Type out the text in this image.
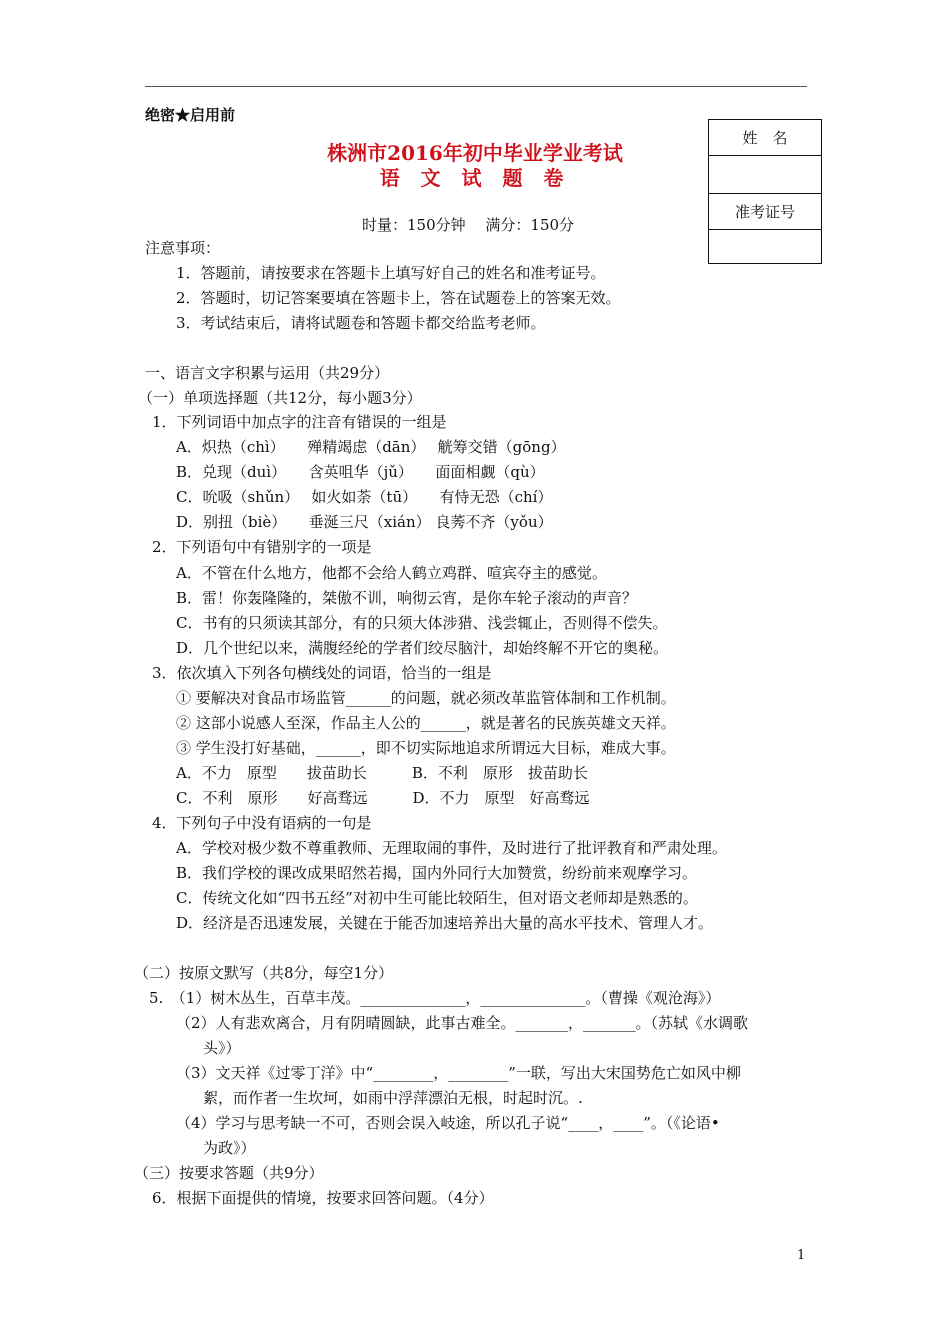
绝密★启用前
株洲市2016年初中毕业学业考试
语 文 试 题 卷
时量：150分钟　 满分：150分
姓　名

准考证号

注意事项：
1．答题前，请按要求在答题卡上填写好自己的姓名和准考证号。
2．答题时，切记答案要填在答题卡上，答在试题卷上的答案无效。
3．考试结束后，请将试题卷和答题卡都交给监考老师。
一、语言文字积累与运用（共29分）
（一）单项选择题（共12分，每小题3分）
1．下列词语中加点字的注音有错误的一组是
A．炽热（chì）　　殚精竭虑（dān）　 觥筹交错（gōng）
B．兑现（duì）　　含英咀华（jǔ）　　面面相觑（qù）
C．吮吸（shǔn）　 如火如荼（tū）　　有恃无恐（chí）
D．别扭（biè）　　垂涎三尺（xián） 良莠不齐（yǒu）
2．下列语句中有错别字的一项是
A．不管在什么地方，他都不会给人鹤立鸡群、喧宾夺主的感觉。
B．雷！你轰隆隆的，桀傲不训，响彻云宵，是你车轮子滚动的声音？
C．书有的只须读其部分，有的只须大体涉猎、浅尝辄止，否则得不偿失。
D．几个世纪以来，满腹经纶的学者们绞尽脑汁，却始终解不开它的奥秘。
3．依次填入下列各句横线处的词语，恰当的一组是
① 要解决对食品市场监管______的问题，就必须改革监管体制和工作机制。
② 这部小说感人至深，作品主人公的______，就是著名的民族英雄文天祥。
③ 学生没打好基础，______，即不切实际地追求所谓远大目标，难成大事。
A．不力　原型　　拔苗助长　　　B．不利　原形　拔苗助长
C．不利　原形　　好高骛远　　　D．不力　原型　好高骛远
4．下列句子中没有语病的一句是
A．学校对极少数不尊重教师、无理取闹的事件，及时进行了批评教育和严肃处理。
B．我们学校的课改成果昭然若揭，国内外同行大加赞赏，纷纷前来观摩学习。
C．传统文化如“四书五经”对初中生可能比较陌生，但对语文老师却是熟悉的。
D．经济是否迅速发展，关键在于能否加速培养出大量的高水平技术、管理人才。
（二）按原文默写（共8分，每空1分）
5.　（1）树木丛生，百草丰茂。______________，______________。（曹操《观沧海》）
（2）人有悲欢离合，月有阴晴圆缺，此事古难全。_______，_______。（苏轼《水调歌
头》）
（3）文天祥《过零丁洋》中“________，________”一联，写出大宋国势危亡如风中柳
絮，而作者一生坎坷，如雨中浮萍漂泊无根，时起时沉。.
（4）学习与思考缺一不可，否则会误入岐途，所以孔子说“____，____”。（《论语•
为政》）
（三）按要求答题（共9分）
6．根据下面提供的情境，按要求回答问题。（4分）
1
